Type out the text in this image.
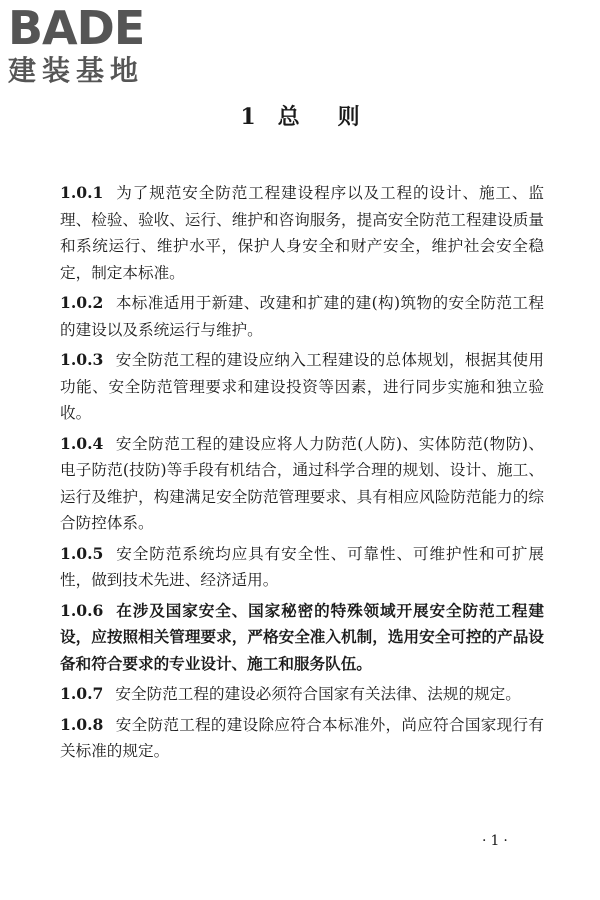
BADE
建装基地
1 总 则

1.0.1 为了规范安全防范工程建设程序以及工程的设计、施工、监理、检验、验收、运行、维护和咨询服务，提高安全防范工程建设质量和系统运行、维护水平，保护人身安全和财产安全，维护社会安全稳定，制定本标准。

1.0.2 本标准适用于新建、改建和扩建的建(构)筑物的安全防范工程的建设以及系统运行与维护。

1.0.3 安全防范工程的建设应纳入工程建设的总体规划，根据其使用功能、安全防范管理要求和建设投资等因素，进行同步实施和独立验收。

1.0.4 安全防范工程的建设应将人力防范(人防)、实体防范(物防)、电子防范(技防)等手段有机结合，通过科学合理的规划、设计、施工、运行及维护，构建满足安全防范管理要求、具有相应风险防范能力的综合防控体系。

1.0.5 安全防范系统均应具有安全性、可靠性、可维护性和可扩展性，做到技术先进、经济适用。

1.0.6 在涉及国家安全、国家秘密的特殊领域开展安全防范工程建设，应按照相关管理要求，严格安全准入机制，选用安全可控的产品设备和符合要求的专业设计、施工和服务队伍。

1.0.7 安全防范工程的建设必须符合国家有关法律、法规的规定。

1.0.8 安全防范工程的建设除应符合本标准外，尚应符合国家现行有关标准的规定。

·1·
